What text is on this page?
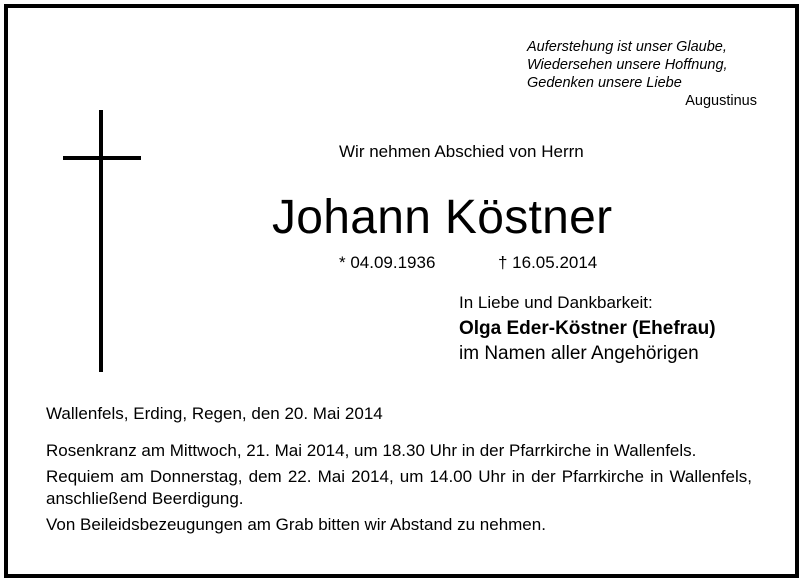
Auferstehung ist unser Glaube,
Wiedersehen unsere Hoffnung,
Gedenken unsere Liebe
Augustinus
Wir nehmen Abschied von Herrn
Johann Köstner
* 04.09.1936	† 16.05.2014
In Liebe und Dankbarkeit:
Olga Eder-Köstner (Ehefrau)
im Namen aller Angehörigen
Wallenfels, Erding, Regen, den 20. Mai 2014

Rosenkranz am Mittwoch, 21. Mai 2014, um 18.30 Uhr in der Pfarrkirche in Wallenfels.

Requiem am Donnerstag, dem 22. Mai 2014, um 14.00 Uhr in der Pfarrkirche in Wallenfels, anschließend Beerdigung.

Von Beileidsbezeugungen am Grab bitten wir Abstand zu nehmen.
